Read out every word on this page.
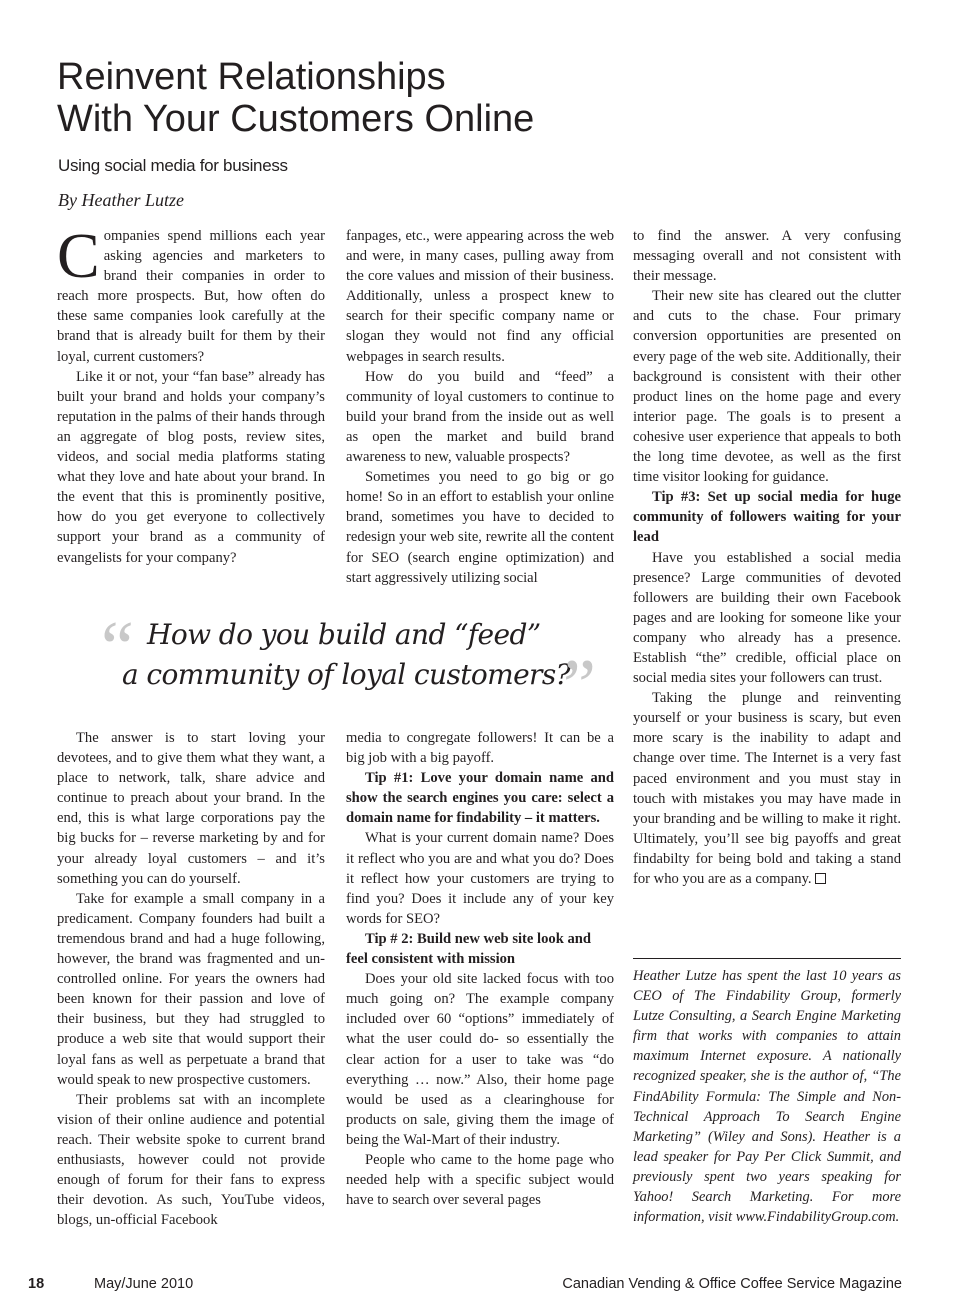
Reinvent Relationships
With Your Customers Online
Using social media for business
By Heather Lutze

Companies spend millions each year asking agencies and marketers to brand their companies in order to reach more prospects. But, how often do these same companies look carefully at the brand that is already built for them by their loyal, current customers?

Like it or not, your “fan base” already has built your brand and holds your company’s reputation in the palms of their hands through an aggregate of blog posts, review sites, videos, and social media platforms stating what they love and hate about your brand. In the event that this is prominently positive, how do you get everyone to collectively support your brand as a community of evangelists for your company?

fanpages, etc., were appearing across the web and were, in many cases, pulling away from the core values and mission of their business. Additionally, unless a prospect knew to search for their specific company name or slogan they would not find any official webpages in search results.

How do you build and “feed” a community of loyal customers to continue to build your brand from the inside out as well as open the market and build brand awareness to new, valuable prospects?

Sometimes you need to go big or go home! So in an effort to establish your online brand, sometimes you have to decided to redesign your web site, rewrite all the content for SEO (search engine optimization) and start aggressively utilizing social

to find the answer. A very confusing messaging overall and not consistent with their message.

Their new site has cleared out the clutter and cuts to the chase. Four primary conversion opportunities are presented on every page of the web site. Additionally, their background is consistent with their other product lines on the home page and every interior page. The goals is to present a cohesive user experience that appeals to both the long time devotee, as well as the first time visitor looking for guidance.

Tip #3: Set up social media for huge community of followers waiting for your lead

Have you established a social media presence? Large communities of devoted followers are building their own Facebook pages and are looking for someone like your company who already has a presence. Establish “the” credible, official place on social media sites your followers can trust.

Taking the plunge and reinventing yourself or your business is scary, but even more scary is the inability to adapt and change over time. The Internet is a very fast paced environment and you must stay in touch with mistakes you may have made in your branding and be willing to make it right. Ultimately, you’ll see big payoffs and great findabilty for being bold and taking a stand for who you are as a company.

“ How do you build and “feed”
a community of loyal customers?
”

The answer is to start loving your devotees, and to give them what they want, a place to network, talk, share advice and continue to preach about your brand. In the end, this is what large corporations pay the big bucks for – reverse marketing by and for your already loyal customers – and it’s something you can do yourself.

Take for example a small company in a predicament. Company founders had built a tremendous brand and had a huge following, however, the brand was fragmented and un-controlled online. For years the owners had been known for their passion and love of their business, but they had struggled to produce a web site that would support their loyal fans as well as perpetuate a brand that would speak to new prospective customers.

Their problems sat with an incomplete vision of their online audience and potential reach. Their website spoke to current brand enthusiasts, however could not provide enough of forum for their fans to express their devotion. As such, YouTube videos, blogs, un-official Facebook

media to congregate followers! It can be a big job with a big payoff.

Tip #1: Love your domain name and show the search engines you care: select a domain name for findability – it matters.

What is your current domain name? Does it reflect who you are and what you do? Does it reflect how your customers are trying to find you? Does it include any of your key words for SEO?

Tip # 2: Build new web site look and feel consistent with mission

Does your old site lacked focus with too much going on? The example company included over 60 “options” immediately of what the user could do- so essentially the clear action for a user to take was “do everything … now.” Also, their home page would be used as a clearinghouse for products on sale, giving them the image of being the Wal-Mart of their industry.

People who came to the home page who needed help with a specific subject would have to search over several pages

Heather Lutze has spent the last 10 years as CEO of The Findability Group, formerly Lutze Consulting, a Search Engine Marketing firm that works with companies to attain maximum Internet exposure. A nationally recognized speaker, she is the author of, “The FindAbility Formula: The Simple and Non-Technical Approach To Search Engine Marketing” (Wiley and Sons). Heather is a lead speaker for Pay Per Click Summit, and previously spent two years speaking for Yahoo! Search Marketing. For more information, visit www.FindabilityGroup.com.
18	May/June 2010	Canadian Vending & Office Coffee Service Magazine
